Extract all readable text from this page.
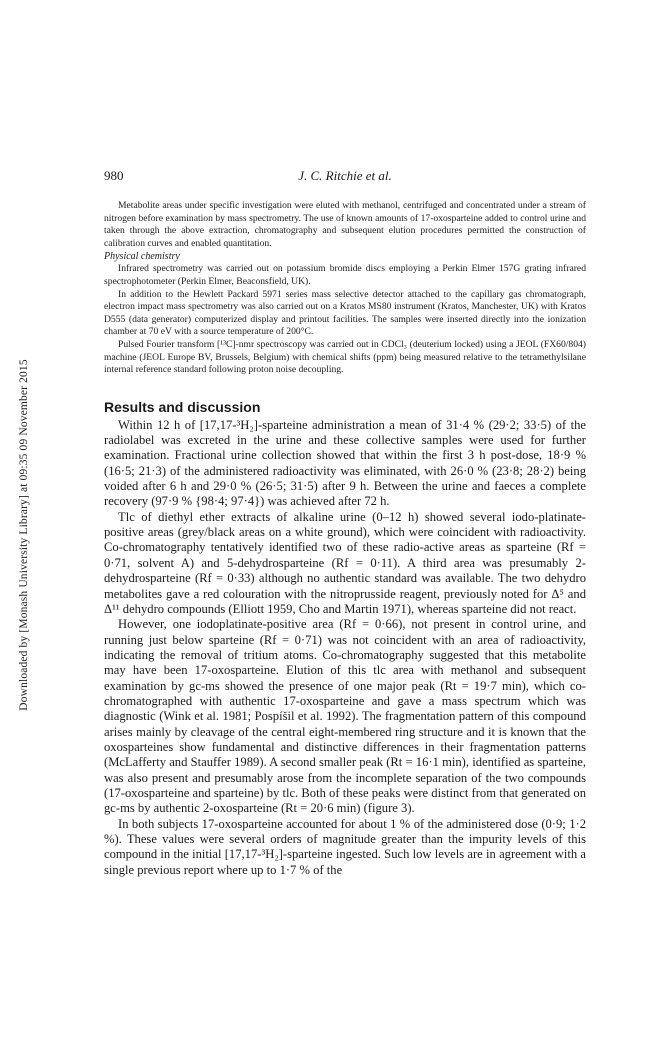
Downloaded by [Monash University Library] at 09:35 09 November 2015
980	J. C. Ritchie et al.

Metabolite areas under specific investigation were eluted with methanol, centrifuged and concentrated under a stream of nitrogen before examination by mass spectrometry. The use of known amounts of 17-oxosparteine added to control urine and taken through the above extraction, chromatography and subsequent elution procedures permitted the construction of calibration curves and enabled quantitation.

Physical chemistry

Infrared spectrometry was carried out on potassium bromide discs employing a Perkin Elmer 157G grating infrared spectrophotometer (Perkin Elmer, Beaconsfield, UK).

In addition to the Hewlett Packard 5971 series mass selective detector attached to the capillary gas chromatograph, electron impact mass spectrometry was also carried out on a Kratos MS80 instrument (Kratos, Manchester, UK) with Kratos D555 (data generator) computerized display and printout facilities. The samples were inserted directly into the ionization chamber at 70 eV with a source temperature of 200°C.

Pulsed Fourier transform [¹³C]-nmr spectroscopy was carried out in CDCl₃ (deuterium locked) using a JEOL (FX60/804) machine (JEOL Europe BV, Brussels, Belgium) with chemical shifts (ppm) being measured relative to the tetramethylsilane internal reference standard following proton noise decoupling.

Results and discussion

Within 12 h of [17,17-³H₂]-sparteine administration a mean of 31·4 % (29·2; 33·5) of the radiolabel was excreted in the urine and these collective samples were used for further examination. Fractional urine collection showed that within the first 3 h post-dose, 18·9 % (16·5; 21·3) of the administered radioactivity was eliminated, with 26·0 % (23·8; 28·2) being voided after 6 h and 29·0 % (26·5; 31·5) after 9 h. Between the urine and faeces a complete recovery (97·9 % {98·4; 97·4}) was achieved after 72 h.

Tlc of diethyl ether extracts of alkaline urine (0–12 h) showed several iodo-platinate-positive areas (grey/black areas on a white ground), which were coincident with radioactivity. Co-chromatography tentatively identified two of these radio-active areas as sparteine (Rf = 0·71, solvent A) and 5-dehydrosparteine (Rf = 0·11). A third area was presumably 2-dehydrosparteine (Rf = 0·33) although no authentic standard was available. The two dehydro metabolites gave a red colouration with the nitroprusside reagent, previously noted for Δ⁵ and Δ¹¹ dehydro compounds (Elliott 1959, Cho and Martin 1971), whereas sparteine did not react.

However, one iodoplatinate-positive area (Rf = 0·66), not present in control urine, and running just below sparteine (Rf = 0·71) was not coincident with an area of radioactivity, indicating the removal of tritium atoms. Co-chromatography suggested that this metabolite may have been 17-oxosparteine. Elution of this tlc area with methanol and subsequent examination by gc-ms showed the presence of one major peak (Rt = 19·7 min), which co-chromatographed with authentic 17-oxosparteine and gave a mass spectrum which was diagnostic (Wink et al. 1981; Pospíšil et al. 1992). The fragmentation pattern of this compound arises mainly by cleavage of the central eight-membered ring structure and it is known that the oxosparteines show fundamental and distinctive differences in their fragmentation patterns (McLafferty and Stauffer 1989). A second smaller peak (Rt = 16·1 min), identified as sparteine, was also present and presumably arose from the incomplete separation of the two compounds (17-oxosparteine and sparteine) by tlc. Both of these peaks were distinct from that generated on gc-ms by authentic 2-oxosparteine (Rt = 20·6 min) (figure 3).

In both subjects 17-oxosparteine accounted for about 1 % of the administered dose (0·9; 1·2 %). These values were several orders of magnitude greater than the impurity levels of this compound in the initial [17,17-³H₂]-sparteine ingested. Such low levels are in agreement with a single previous report where up to 1·7 % of the
